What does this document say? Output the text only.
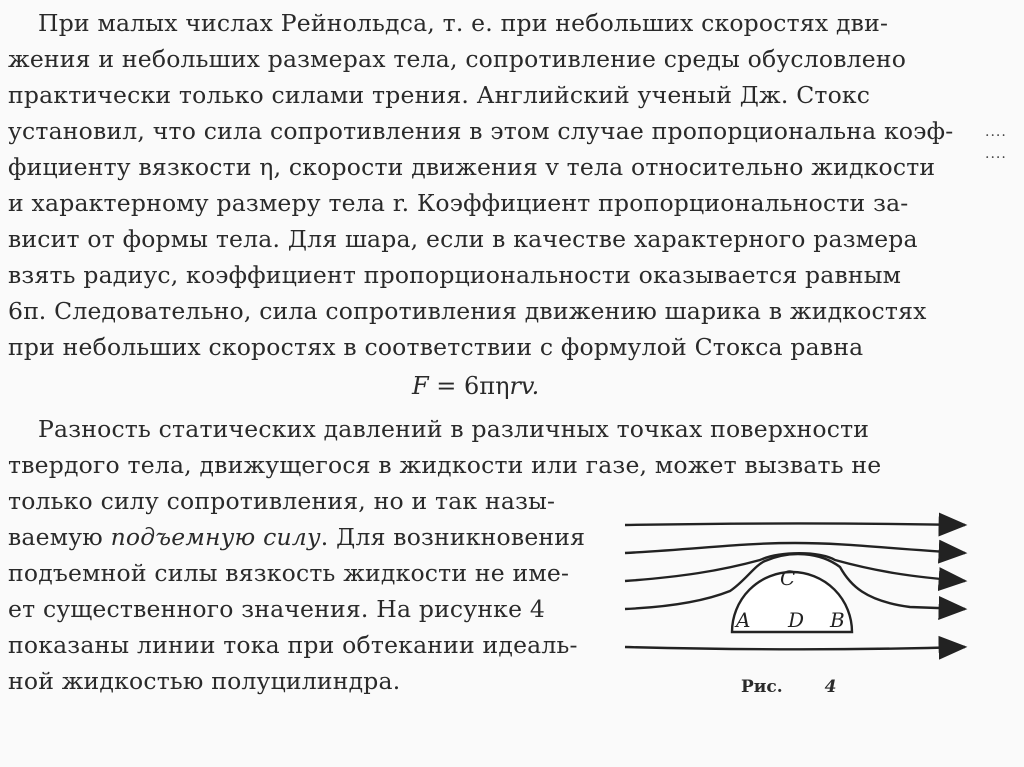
При малых числах Рейнольдса, т. е. при небольших скоростях дви-
жения и небольших размерах тела, сопротивление среды обусловлено
практически только силами трения. Английский ученый Дж. Стокс
установил, что сила сопротивления в этом случае пропорциональна коэф-
фициенту вязкости η, скорости движения v тела относительно жидкости
и характерному размеру тела r. Коэффициент пропорциональности за-
висит от формы тела. Для шара, если в качестве характерного размера
взять радиус, коэффициент пропорциональности оказывается равным
6π. Следовательно, сила сопротивления движению шарика в жидкостях
при небольших скоростях в соответствии с формулой Стокса равна
F = 6πηrv.
Разность статических давлений в различных точках поверхности
твердого тела, движущегося в жидкости или газе, может вызвать не
только силу сопротивления, но и так назы-
ваемую подъемную силу. Для возникновения
подъемной силы вязкость жидкости не име-
ет существенного значения. На рисунке 4
показаны линии тока при обтекании идеаль-
ной жидкостью полуцилиндра.
....
....
A	B
C
D
Рис. 4
